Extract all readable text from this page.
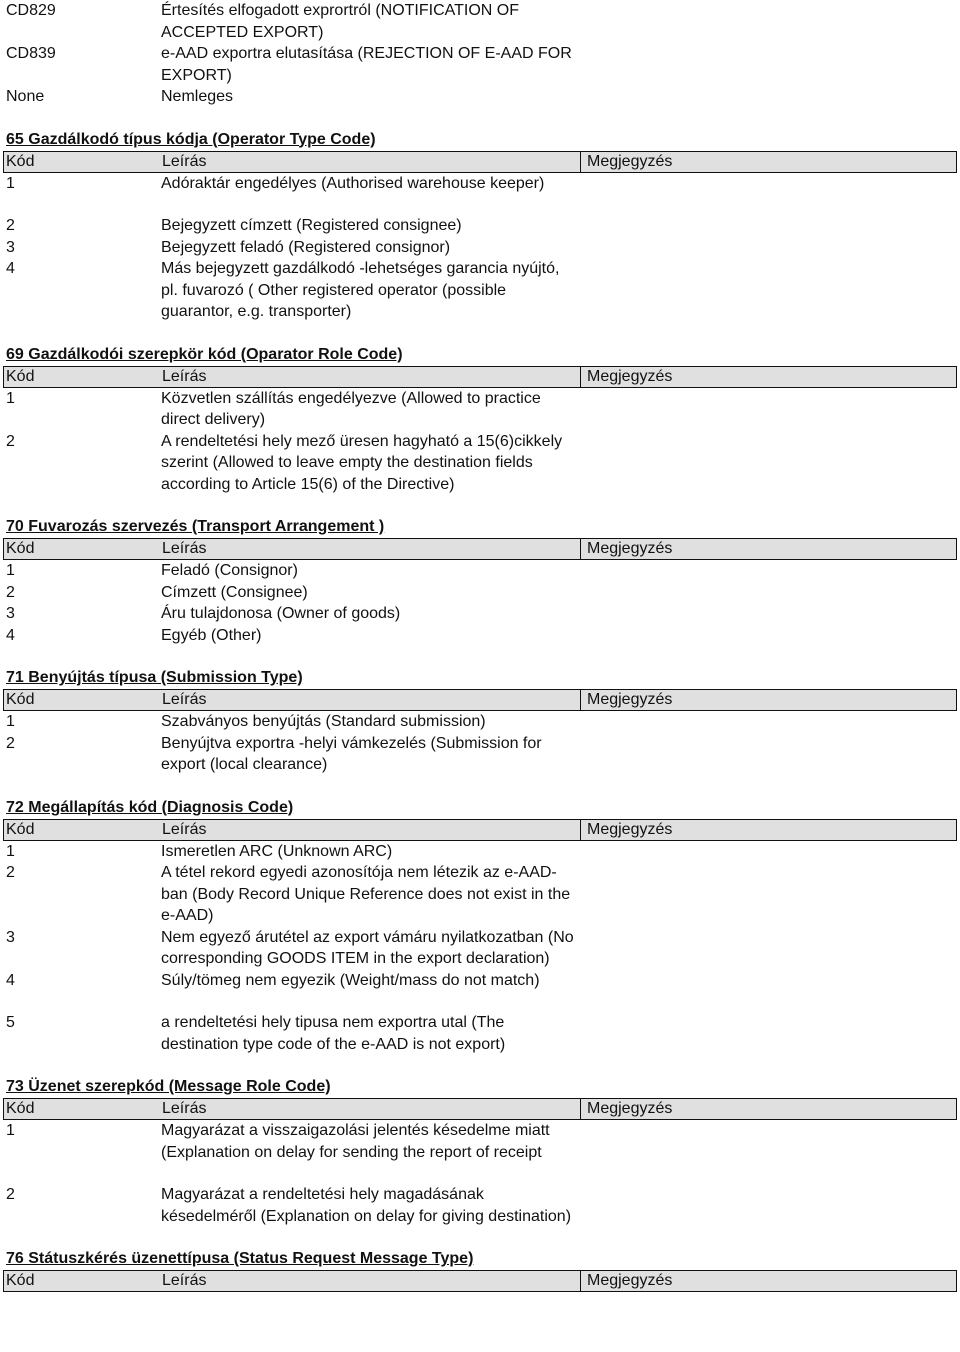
CD829	Értesítés elfogadott exprortról (NOTIFICATION OF ACCEPTED EXPORT)
CD839	e-AAD exportra elutasítása (REJECTION OF E-AAD FOR EXPORT)
None	Nemleges
65 Gazdálkodó típus kódja (Operator Type Code)
Kód	Leírás	Megjegyzés
1	Adóraktár engedélyes (Authorised warehouse keeper)
2	Bejegyzett címzett (Registered consignee)
3	Bejegyzett feladó (Registered consignor)
4	Más bejegyzett gazdálkodó -lehetséges garancia nyújtó, pl. fuvarozó ( Other registered operator (possible guarantor, e.g. transporter)
69 Gazdálkodói szerepkör kód (Oparator Role Code)
Kód	Leírás	Megjegyzés
1	Közvetlen szállítás engedélyezve (Allowed to practice direct delivery)
2	A rendeltetési hely mező üresen hagyható a 15(6)cikkely szerint (Allowed to leave empty the destination fields according to Article 15(6) of the Directive)
70 Fuvarozás szervezés (Transport Arrangement )
Kód	Leírás	Megjegyzés
1	Feladó (Consignor)
2	Címzett (Consignee)
3	Áru tulajdonosa (Owner of goods)
4	Egyéb (Other)
71 Benyújtás típusa (Submission Type)
Kód	Leírás	Megjegyzés
1	Szabványos benyújtás (Standard submission)
2	Benyújtva exportra -helyi vámkezelés (Submission for export (local clearance)
72 Megállapítás kód (Diagnosis Code)
Kód	Leírás	Megjegyzés
1	Ismeretlen ARC (Unknown ARC)
2	A tétel rekord egyedi azonosítója nem létezik az e-AAD-ban (Body Record Unique Reference does not exist in the e-AAD)
3	Nem egyező árutétel az export vámáru nyilatkozatban (No corresponding GOODS ITEM in the export declaration)
4	Súly/tömeg nem egyezik (Weight/mass do not match)
5	a rendeltetési hely tipusa nem exportra utal (The destination type code of the e-AAD is not export)
73 Üzenet szerepkód (Message Role Code)
Kód	Leírás	Megjegyzés
1	Magyarázat a visszaigazolási jelentés késedelme miatt (Explanation on delay for sending the report of receipt
2	Magyarázat a rendeltetési hely magadásának késedelméről (Explanation on delay for giving destination)
76 Státuszkérés üzenettípusa (Status Request Message Type)
Kód	Leírás	Megjegyzés
